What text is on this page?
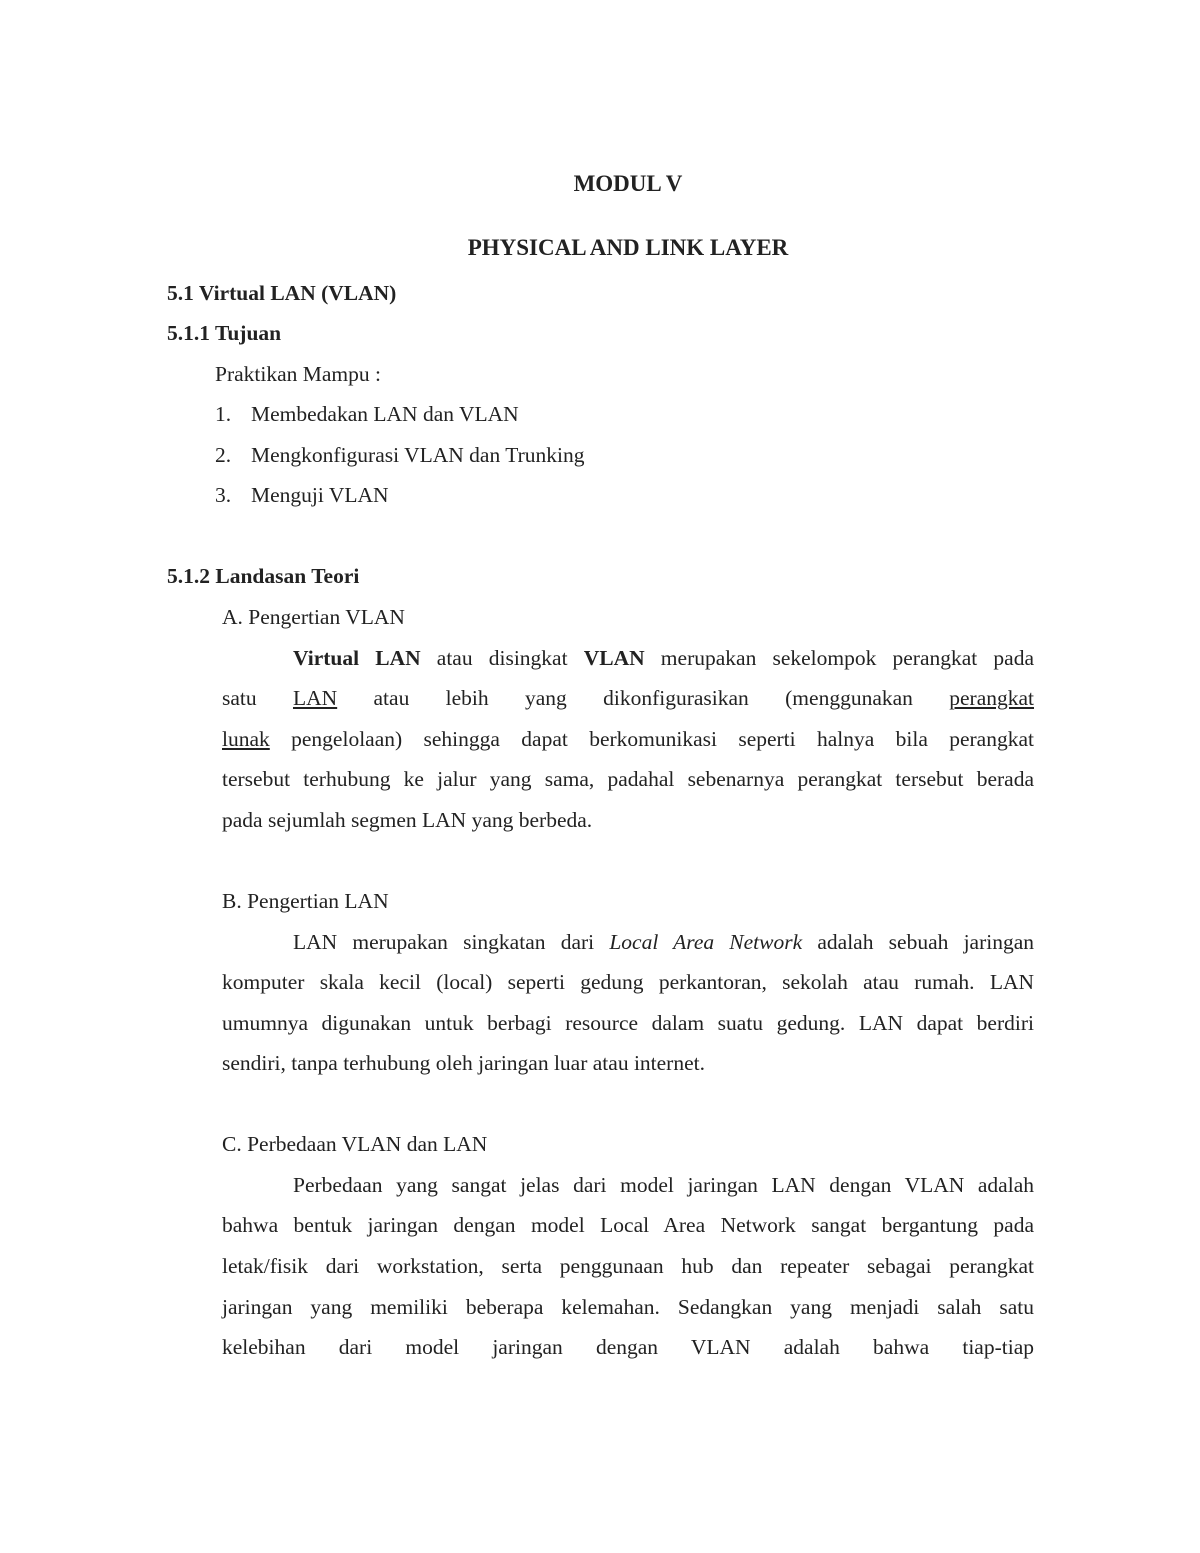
MODUL V
PHYSICAL AND LINK LAYER
5.1 Virtual LAN (VLAN)
5.1.1 Tujuan
Praktikan Mampu :
1. Membedakan LAN dan VLAN
2. Mengkonfigurasi VLAN dan Trunking
3. Menguji VLAN
5.1.2 Landasan Teori
A. Pengertian VLAN
Virtual LAN atau disingkat VLAN merupakan sekelompok perangkat pada
satu LAN atau lebih yang dikonfigurasikan (menggunakan perangkat
lunak pengelolaan) sehingga dapat berkomunikasi seperti halnya bila perangkat
tersebut terhubung ke jalur yang sama, padahal sebenarnya perangkat tersebut berada
pada sejumlah segmen LAN yang berbeda.
B. Pengertian LAN
LAN merupakan singkatan dari Local Area Network adalah sebuah jaringan
komputer skala kecil (local) seperti gedung perkantoran, sekolah atau rumah. LAN
umumnya digunakan untuk berbagi resource dalam suatu gedung. LAN dapat berdiri
sendiri, tanpa terhubung oleh jaringan luar atau internet.
C. Perbedaan VLAN dan LAN
Perbedaan yang sangat jelas dari model jaringan LAN dengan VLAN adalah
bahwa bentuk jaringan dengan model Local Area Network sangat bergantung pada
letak/fisik dari workstation, serta penggunaan hub dan repeater sebagai perangkat
jaringan yang memiliki beberapa kelemahan. Sedangkan yang menjadi salah satu
kelebihan dari model jaringan dengan VLAN adalah bahwa tiap-tiap
